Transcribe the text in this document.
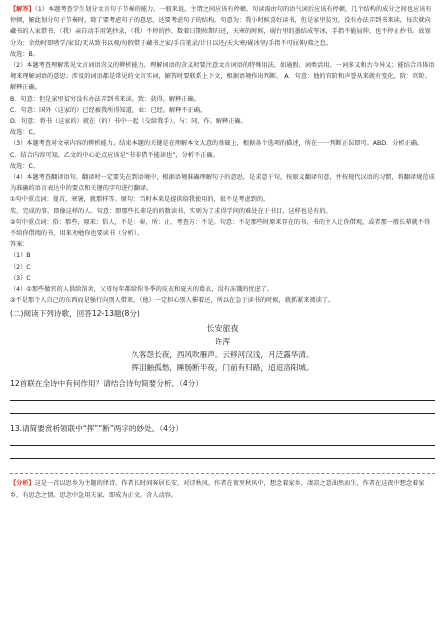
【解答】（1）本题考查学生划分文言句子节奏的能力，一般来说，主谓之间应该有停顿，句读需由句的语气词后应该有停顿，几个结构的成分之间也应该有停顿，解此划分句子节奏时，除了要考虑句子的意思，还要考虑句子的结构。句意为：我小时候喜好读书，但是家里贫穷，没有办法弄到书来读，每次就向藏书的人家借书，（我）亲自动手用笔抄录，（我）不停的抄，数着日期按期归还，天寒的时候，砚台里的墨结成坚冰，手指不能屈伸，也不停止抄书。故划分为：余幼时即嗜学/家贫/无从致书以观/每假借于藏书之家/手自笔录/计日以还/天大寒/砚冰坚/手指不可屈伸/弗之怠。

故选：B。

（2）本题考查理解常见文言词语含义的辨析能力。理解词语的含义时要注意文言词语的特殊用法，如通假、词类活用、一词多义和古今异义；能结合具体语境来理解词语的意思；涉及的词语都是常见的文言实词，解答时要联系上下文，根据语境作出判断。 A．句意：他的官阶和声誉从来就有变化。阶：官阶。解释正确。

B．句意：但是家里贫穷没有办法弄到书来读。致：获得。解释正确。

C．句意：国外（这家的）已经被我所得知道，业：已经。解释不正确。

D．句意：将书（这家的）就在（的）书中一起（交给我手）。与：同，作。解释正确。

故选：C。

（3）本题考查对文章内容的辨析能力。结束本题的关键是在理解本文大意的基础上，根据各个选项的描述，所在一一判断正误即可。ABD．分析正确。

C．结合内容可知，乙文的中心论点应该是“书非借不能读也”，分析不正确。

故选：C。

（4）本题考查翻译语句。翻译时一定要先在到语境中，根据语境准确理解句子的意思，是求意于句，按原义翻译句意，并按现代汉语的习惯，将翻译规范成为准确的语言表达中的要点和关键的字句进行翻译。

①句中重点词：曼首，寒暑，就那样等。原句：当时本来是提供给我使用的，很不是考虑到的。

奖，完成的事，即像这样的人。句意：即那些长辈是的的数读书，实则为了求得学问的难处在于书目，这样也是有的。

②句中重点词：俗：那些，原来：俗人，不是：奉，所：止，考查方：不是。句意：不是那些时原来存在的书，书的主人让你借观，或者那一般长辈就不得不给你借阅的书，用来劝勉你也要读书（分析）。

答案：

（1）B

（2）C

（3）C

（4）①那些做官的人供给馆舍，父母每年都给你冬季的皮衣和夏天的葛衣，没有冻饿的忧虑了。

②不是那个人自己的东西而是强行向别人借来，（他）一定担心别人催着还，所以在急于读书的时候，就抓紧来阅读了。

(二)阅读下列诗歌，回答12-13题(8分)

长安旅夜

许浑

久客怨长夜，西风吹雁声。云移河汉浅，月泛露华清。

挥泪触孤愁，睡肠断半夜，门前有归路，迢迢洛阳城。

12首联在全诗中有何作用？请结合诗句简要分析。（4分）

13.请简要赏析领联中“挥”“断”两字的妙处。（4分）

【分析】这是一首以思乡为主题的律诗。作者长时间客居长安，对诗秋风，作者在夜里秋风中，想念着家乡，凄凉之意油然而生，作者在这夜中想念着家乡，有思念之情。思念中急用夫家，即成为正文，含人动容。
